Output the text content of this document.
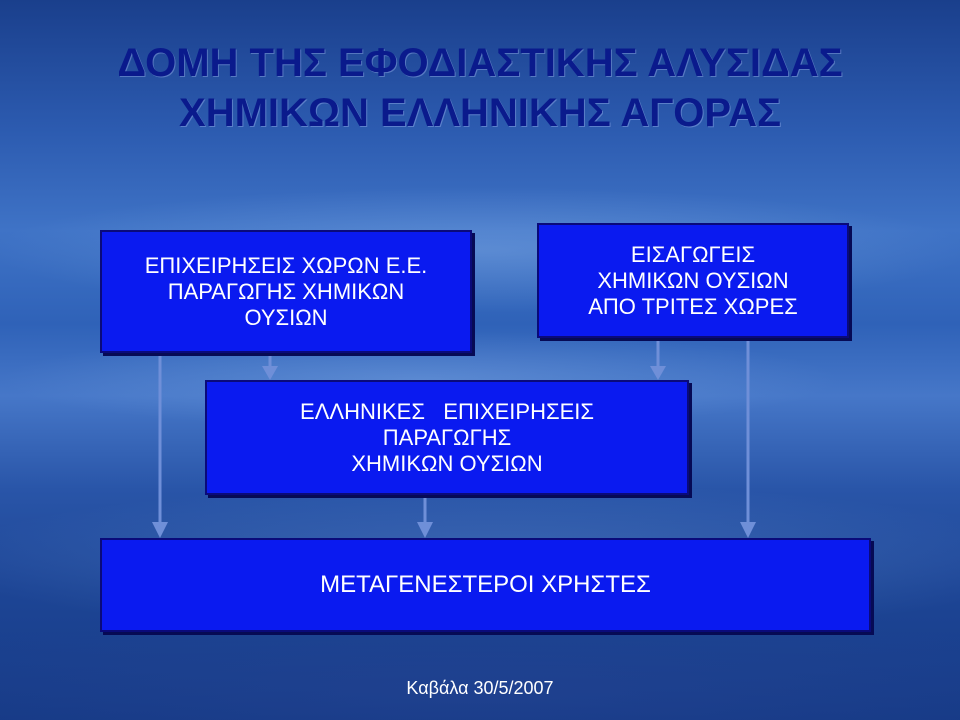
ΔΟΜΗ ΤΗΣ ΕΦΟΔΙΑΣΤΙΚΗΣ ΑΛΥΣΙΔΑΣ
ΧΗΜΙΚΩΝ ΕΛΛΗΝΙΚΗΣ ΑΓΟΡΑΣ
ΕΠΙΧΕΙΡΗΣΕΙΣ ΧΩΡΩΝ Ε.Ε.
ΠΑΡΑΓΩΓΗΣ ΧΗΜΙΚΩΝ
ΟΥΣΙΩΝ
ΕΙΣΑΓΩΓΕΙΣ
ΧΗΜΙΚΩΝ ΟΥΣΙΩΝ
ΑΠΟ ΤΡΙΤΕΣ ΧΩΡΕΣ
ΕΛΛΗΝΙΚΕΣ   ΕΠΙΧΕΙΡΗΣΕΙΣ
ΠΑΡΑΓΩΓΗΣ
ΧΗΜΙΚΩΝ ΟΥΣΙΩΝ
ΜΕΤΑΓΕΝΕΣΤΕΡΟΙ ΧΡΗΣΤΕΣ
Καβάλα 30/5/2007
